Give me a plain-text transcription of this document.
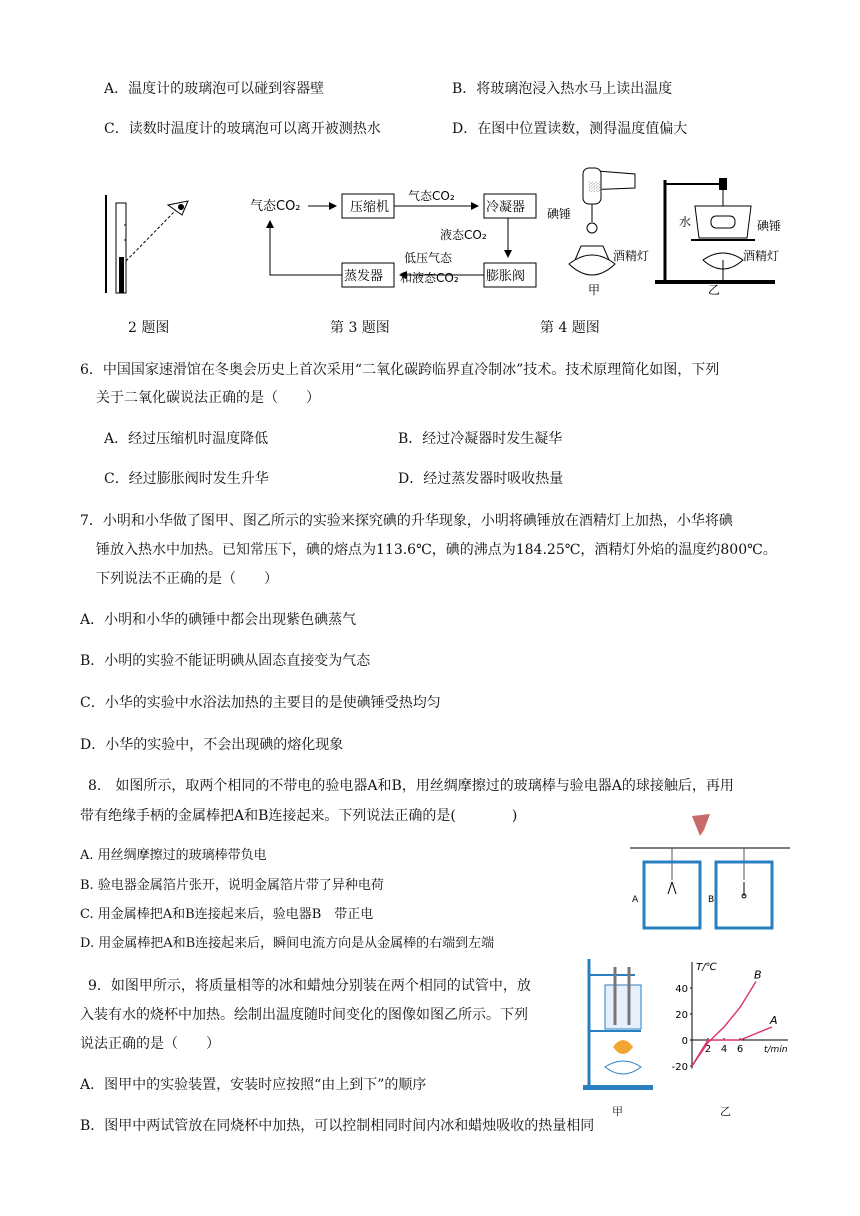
A．温度计的玻璃泡可以碰到容器壁	B．将玻璃泡浸入热水马上读出温度
C．读数时温度计的玻璃泡可以离开被测热水	D．在图中位置读数，测得温度值偏大
气态CO₂	压缩机
气态CO₂
冷凝器
液态CO₂
膨胀阀
低压气态
和液态CO₂
蒸发器
░░
碘锤
酒精灯
甲
水	碘锤
酒精灯
乙
2 题图	第 3 题图	第 4 题图
6．中国国家速滑馆在冬奥会历史上首次采用“二氧化碳跨临界直冷制冰”技术。技术原理简化如图，下列
关于二氧化碳说法正确的是（　　）
A．经过压缩机时温度降低	B．经过冷凝器时发生凝华
C．经过膨胀阀时发生升华	D．经过蒸发器时吸收热量
7．小明和小华做了图甲、图乙所示的实验来探究碘的升华现象，小明将碘锤放在酒精灯上加热，小华将碘
锤放入热水中加热。已知常压下，碘的熔点为113.6℃，碘的沸点为184.25℃，酒精灯外焰的温度约800℃。
下列说法不正确的是（　　）
A．小明和小华的碘锤中都会出现紫色碘蒸气
B．小明的实验不能证明碘从固态直接变为气态
C．小华的实验中水浴法加热的主要目的是使碘锤受热均匀
D．小华的实验中，不会出现碘的熔化现象
8.　如图所示，取两个相同的不带电的验电器A和B，用丝绸摩擦过的玻璃棒与验电器A的球接触后，再用
带有绝缘手柄的金属棒把A和B连接起来。下列说法正确的是(　　　　)
A. 用丝绸摩擦过的玻璃棒带负电
B. 验电器金属箔片张开，说明金属箔片带了异种电荷
C. 用金属棒把A和B连接起来后，验电器B　带正电
D. 用金属棒把A和B连接起来后，瞬间电流方向是从金属棒的右端到左端
A	B
9．如图甲所示，将质量相等的冰和蜡烛分别装在两个相同的试管中，放
入装有水的烧杯中加热。绘制出温度随时间变化的图像如图乙所示。下列
说法正确的是（　　）
A．图甲中的实验装置，安装时应按照“由上到下”的顺序
B．图甲中两试管放在同烧杯中加热，可以控制相同时间内冰和蜡烛吸收的热量相同
甲
T/℃
t/min
-20
0
20
40
2 4 6
A
B
乙
